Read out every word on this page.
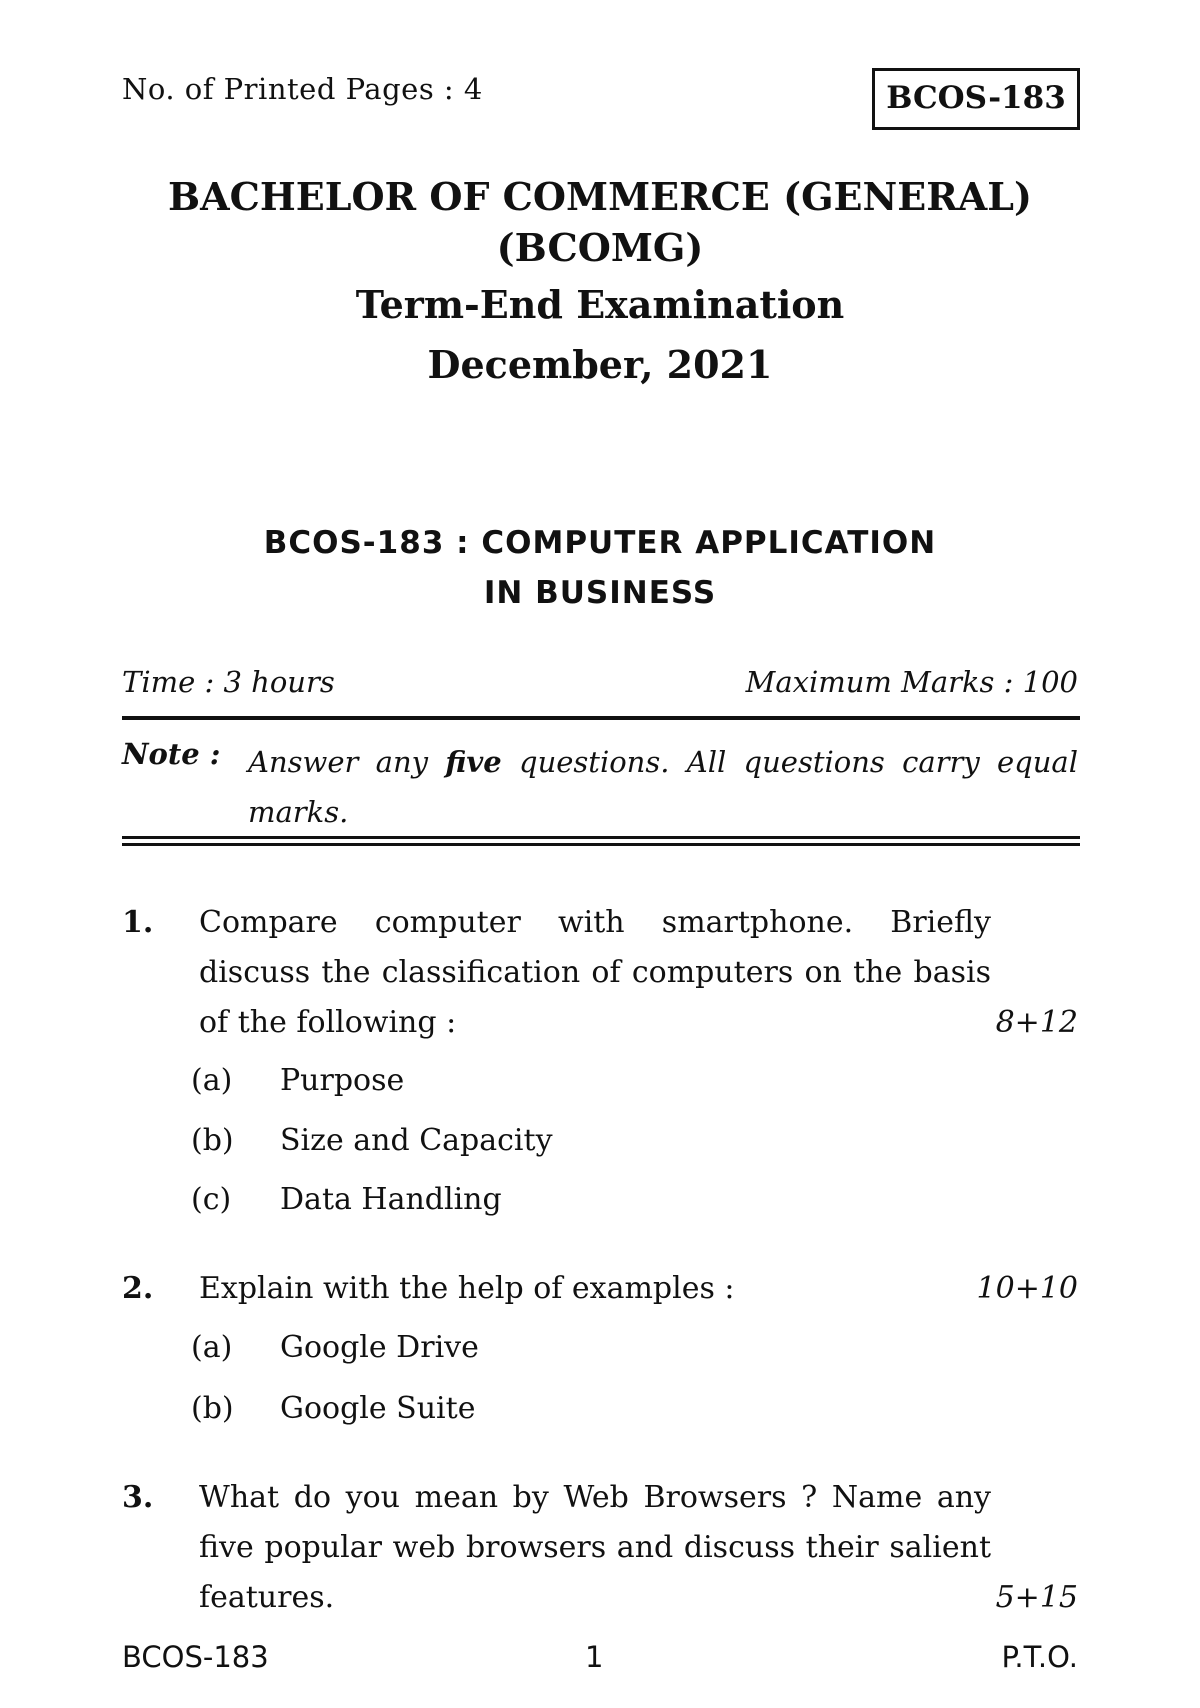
No. of Printed Pages : 4	BCOS-183
BACHELOR OF COMMERCE (GENERAL)
(BCOMG)
Term-End Examination
December, 2021
BCOS-183 : COMPUTER APPLICATION
IN BUSINESS
Time : 3 hours	Maximum Marks : 100
Note : Answer any five questions. All questions carry equal marks.
1. Compare computer with smartphone. Briefly discuss the classification of computers on the basis of the following :	8+12
(a) Purpose
(b) Size and Capacity
(c) Data Handling
2. Explain with the help of examples :	10+10
(a) Google Drive
(b) Google Suite
3. What do you mean by Web Browsers ? Name any five popular web browsers and discuss their salient features.	5+15
BCOS-183	1	P.T.O.
